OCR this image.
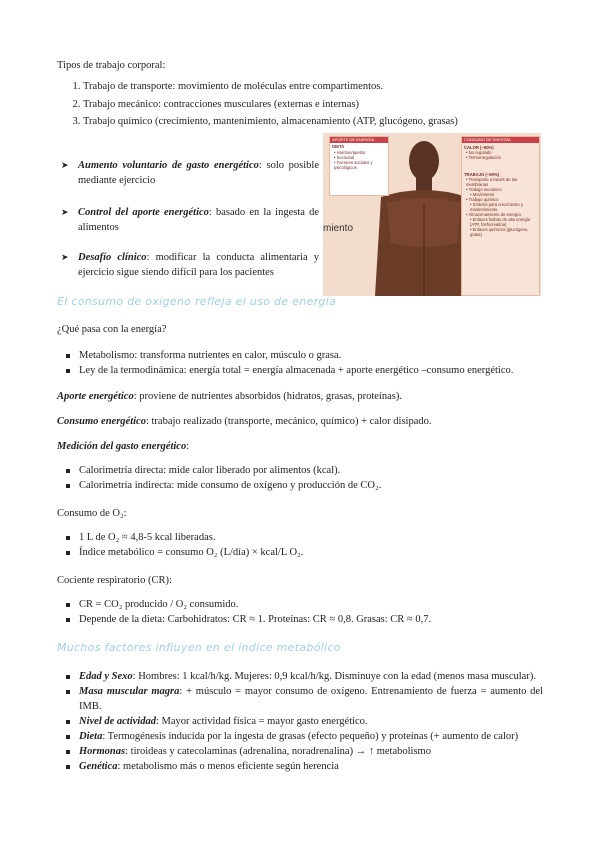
Tipos de trabajo corporal:
1. Trabajo de transporte: movimiento de moléculas entre compartimentos.
2. Trabajo mecánico: contracciones musculares (externas e internas)
3. Trabajo químico (crecimiento, mantenimiento, almacenamiento (ATP, glucógeno, grasas)
➤ Aumento voluntario de gasto energético: solo posible mediante ejercicio
➤ Control del aporte energético: basado en la ingesta de alimentos
➤ Desafío clínico: modificar la conducta alimentaria y ejercicio sigue siendo difícil para los pacientes
APORTE DE ENERGÍA
DIETA
• Hambre/apetito
• Sociedad
• Factores sociales y psicológicos
miento
CONSUMO DE ENERGÍA
CALOR (~50%)
• No regulado
• Termorregulación
TRABAJO (~50%)
• Transporte a través de las membranas
• Trabajo mecánico
• Movimiento
• Trabajo químico
• Síntesis para crecimiento y mantenimiento
• Almacenamiento de energía
• Enlaces fosfato de alta energía (ATP, fosfocreatina)
• Enlaces químicos (glucógeno, grasa)
El consumo de oxígeno refleja el uso de energía
¿Qué pasa con la energía?
Metabolismo: transforma nutrientes en calor, músculo o grasa.
Ley de la termodinámica: energía total = energía almacenada + aporte energético –consumo energético.
Aporte energético: proviene de nutrientes absorbidos (hidratos, grasas, proteínas).
Consumo energético: trabajo realizado (transporte, mecánico, químico) + calor disipado.
Medición del gasto energético:
Calorimetría directa: mide calor liberado por alimentos (kcal).
Calorimetría indirecta: mide consumo de oxígeno y producción de CO₂.
Consumo de O₂:
1 L de O₂ ≈ 4,8-5 kcal liberadas.
Índice metabólico = consumo O₂ (L/día) × kcal/L O₂.
Cociente respiratorio (CR):
CR = CO₂ producido / O₂ consumido.
Depende de la dieta: Carbohidratos: CR ≈ 1. Proteínas: CR ≈ 0,8. Grasas: CR ≈ 0,7.
Muchos factores influyen en el índice metabólico
Edad y Sexo: Hombres: 1 kcal/h/kg. Mujeres: 0,9 kcal/h/kg. Disminuye con la edad (menos masa muscular).
Masa muscular magra: + músculo = mayor consumo de oxígeno. Entrenamiento de fuerza = aumento del IMB.
Nivel de actividad: Mayor actividad física = mayor gasto energético.
Dieta: Termogénesis inducida por la ingesta de grasas (efecto pequeño) y proteínas (+ aumento de calor)
Hormonas: tiroideas y catecolaminas (adrenalina, noradrenalina) → ↑ metabolismo
Genética: metabolismo más o menos eficiente según herencia
